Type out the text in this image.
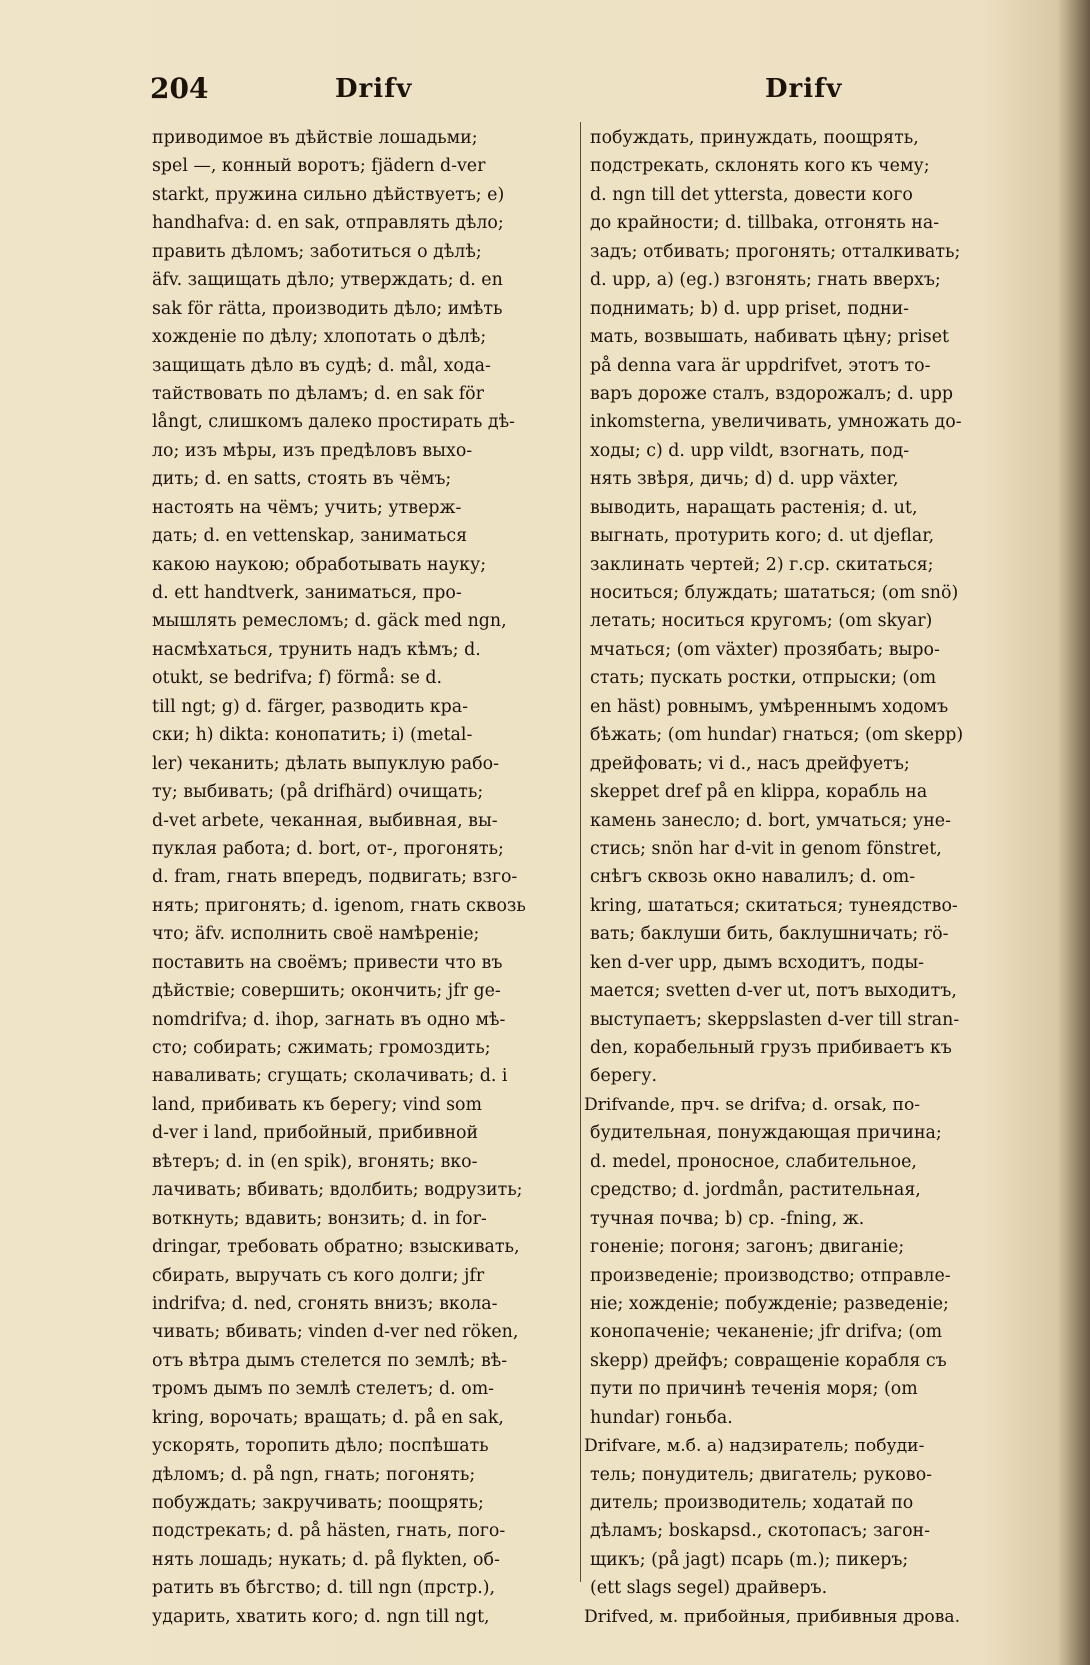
204	Drifv	Drifv
приводимое въ дѣйствіе лошадьми;
spel —, конный воротъ; fjädern d-ver
starkt, пружина сильно дѣйствуетъ; е)
handhafva: d. en sak, отправлять дѣло;
править дѣломъ; заботиться о дѣлѣ;
äfv. защищать дѣло; утверждать; d. en
sak för rätta, производить дѣло; имѣть
хожденіе по дѣлу; хлопотать о дѣлѣ;
защищать дѣло въ судѣ; d. mål, хода-
тайствовать по дѣламъ; d. en sak för
långt, слишкомъ далеко простирать дѣ-
ло; изъ мѣры, изъ предѣловъ выхо-
дить; d. en satts, стоять въ чёмъ;
настоять на чёмъ; учить; утверж-
дать; d. en vettenskap, заниматься
какою наукою; обработывать науку;
d. ett handtverk, заниматься, про-
мышлять ремесломъ; d. gäck med ngn,
насмѣхаться, трунить надъ кѣмъ; d.
otukt, se bedrifva; f) förmå: se d.
till ngt; g) d. färger, разводить кра-
ски; h) dikta: конопатить; i) (metal-
ler) чеканить; дѣлать выпуклую рабо-
ту; выбивать; (på drifhärd) очищать;
d-vet arbete, чеканная, выбивная, вы-
пуклая работа; d. bort, от-, прогонять;
d. fram, гнать впередъ, подвигать; взго-
нять; пригонять; d. igenom, гнать сквозь
что; äfv. исполнить своё намѣреніе;
поставить на своёмъ; привести что въ
дѣйствіе; совершить; окончить; jfr ge-
nomdrifva; d. ihop, загнать въ одно мѣ-
сто; собирать; сжимать; громоздить;
наваливать; сгущать; сколачивать; d. i
land, прибивать къ берегу; vind som
d-ver i land, прибойный, прибивной
вѣтеръ; d. in (en spik), вгонять; вко-
лачивать; вбивать; вдолбить; водрузить;
воткнуть; вдавить; вонзить; d. in for-
dringar, требовать обратно; взыскивать,
сбирать, выручать съ кого долги; jfr
indrifva; d. ned, сгонять внизъ; вкола-
чивать; вбивать; vinden d-ver ned röken,
отъ вѣтра дымъ стелется по землѣ; вѣ-
тромъ дымъ по землѣ стелетъ; d. om-
kring, ворочать; вращать; d. på en sak,
ускорять, торопить дѣло; поспѣшать
дѣломъ; d. på ngn, гнать; погонять;
побуждать; закручивать; поощрять;
подстрекать; d. på hästen, гнать, пого-
нять лошадь; нукать; d. på flykten, об-
ратить въ бѣгство; d. till ngn (прстр.),
ударить, хватить кого; d. ngn till ngt,
побуждать, принуждать, поощрять,
подстрекать, склонять кого къ чему;
d. ngn till det yttersta, довести кого
до крайности; d. tillbaka, отгонять на-
задъ; отбивать; прогонять; отталкивать;
d. upp, a) (eg.) взгонять; гнать вверхъ;
поднимать; b) d. upp priset, подни-
мать, возвышать, набивать цѣну; priset
på denna vara är uppdrifvet, этотъ то-
варъ дороже сталъ, вздорожалъ; d. upp
inkomsterna, увеличивать, умножать до-
ходы; c) d. upp vildt, взогнать, под-
нять звѣря, дичь; d) d. upp växter,
выводить, наращать растенія; d. ut,
выгнать, протурить кого; d. ut djeflar,
заклинать чертей; 2) г.ср. скитаться;
носиться; блуждать; шататься; (om snö)
летать; носиться кругомъ; (om skyar)
мчаться; (om växter) прозябать; выро-
стать; пускать ростки, отпрыски; (om
en häst) ровнымъ, умѣреннымъ ходомъ
бѣжать; (om hundar) гнаться; (om skepp)
дрейфовать; vi d., насъ дрейфуетъ;
skeppet dref på en klippa, корабль на
камень занесло; d. bort, умчаться; уне-
стись; snön har d-vit in genom fönstret,
снѣгъ сквозь окно навалилъ; d. om-
kring, шататься; скитаться; тунеядство-
вать; баклуши бить, баклушничать; rö-
ken d-ver upp, дымъ всходитъ, поды-
мается; svetten d-ver ut, потъ выходитъ,
выступаетъ; skeppslasten d-ver till stran-
den, корабельный грузъ прибиваетъ къ
берегу.
Drifvande, прч. se drifva; d. orsak, по-
будительная, понуждающая причина;
d. medel, проносное, слабительное,
средство; d. jordmån, растительная,
тучная почва; b) ср. -fning, ж.
гоненіе; погоня; загонъ; двиганіе;
произведеніе; производство; отправле-
ніе; хожденіе; побужденіе; разведеніе;
конопаченіе; чеканеніе; jfr drifva; (om
skepp) дрейфъ; совращеніе корабля съ
пути по причинѣ теченія моря; (om
hundar) гоньба.
Drifvare, м.б. a) надзиратель; побуди-
тель; понудитель; двигатель; руково-
дитель; производитель; ходатай по
дѣламъ; boskapsd., скотопасъ; загон-
щикъ; (på jagt) псарь (m.); пикеръ;
(ett slags segel) драйверъ.
Drifved, м. прибойныя, прибивныя дрова.
